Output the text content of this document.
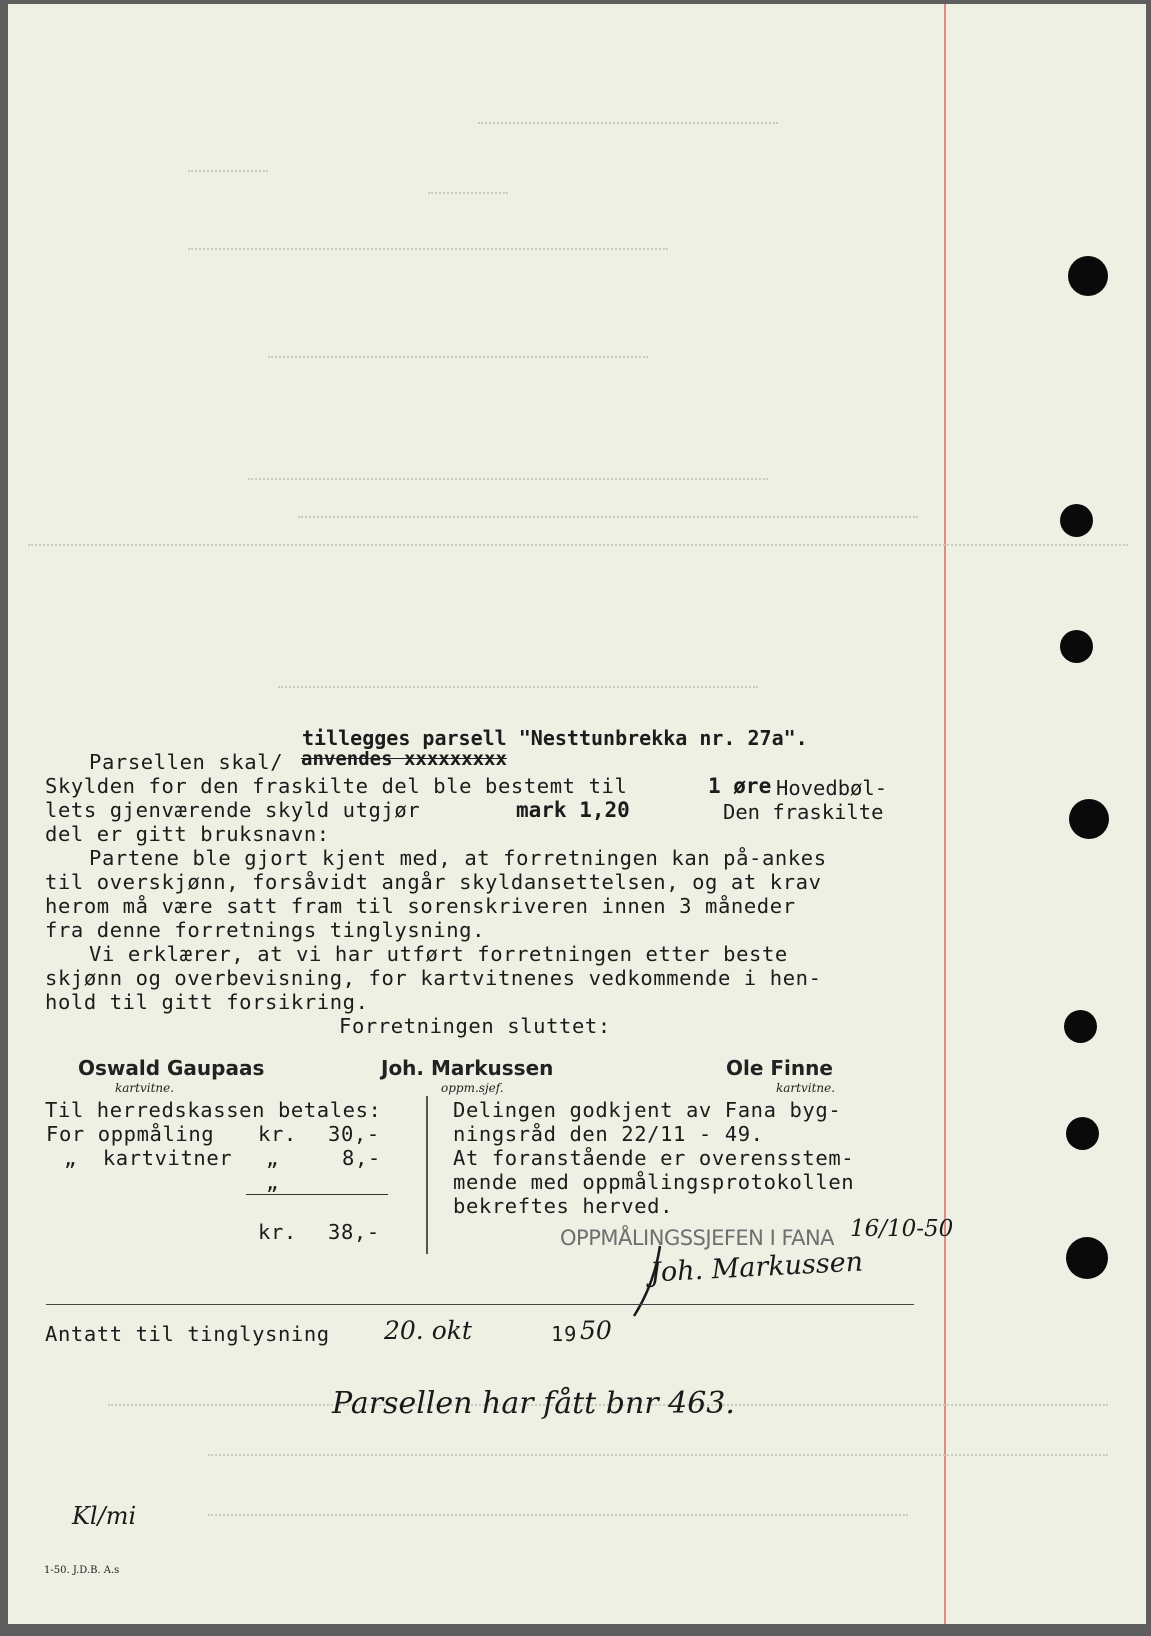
tillegges parsell "Nesttunbrekka nr. 27a".
Parsellen skal/ anvendes xxxxxxxxx
Skylden for den fraskilte del ble bestemt til	1 øre Hovedbøl-
lets gjenværende skyld utgjør	mark 1,20	Den fraskilte
del er gitt bruksnavn:
Partene ble gjort kjent med, at forretningen kan på-ankes
til overskjønn, forsåvidt angår skyldansettelsen, og at krav
herom må være satt fram til sorenskriveren innen 3 måneder
fra denne forretnings tinglysning.
Vi erklærer, at vi har utført forretningen etter beste
skjønn og overbevisning, for kartvitnenes vedkommende i hen-
hold til gitt forsikring.
Forretningen sluttet:
Oswald Gaupaas
kartvitne.
Joh. Markussen
oppm.sjef.
Ole Finne
kartvitne.
Til herredskassen betales:
For oppmåling kr. 30,-
„  kartvitner „	8,-
„
kr. 38,-
Delingen godkjent av Fana byg-
ningsråd den 22/11 - 49.
At foranstående er overensstem-
mende med oppmålingsprotokollen
bekreftes herved.
OPPMÅLINGSSJEFEN I FANA 16/10-50
Joh. Markussen
Antatt til tinglysning 20. okt	19 50
Parsellen har fått bnr 463.
Kl/mi
1-50. J.D.B. A.s
